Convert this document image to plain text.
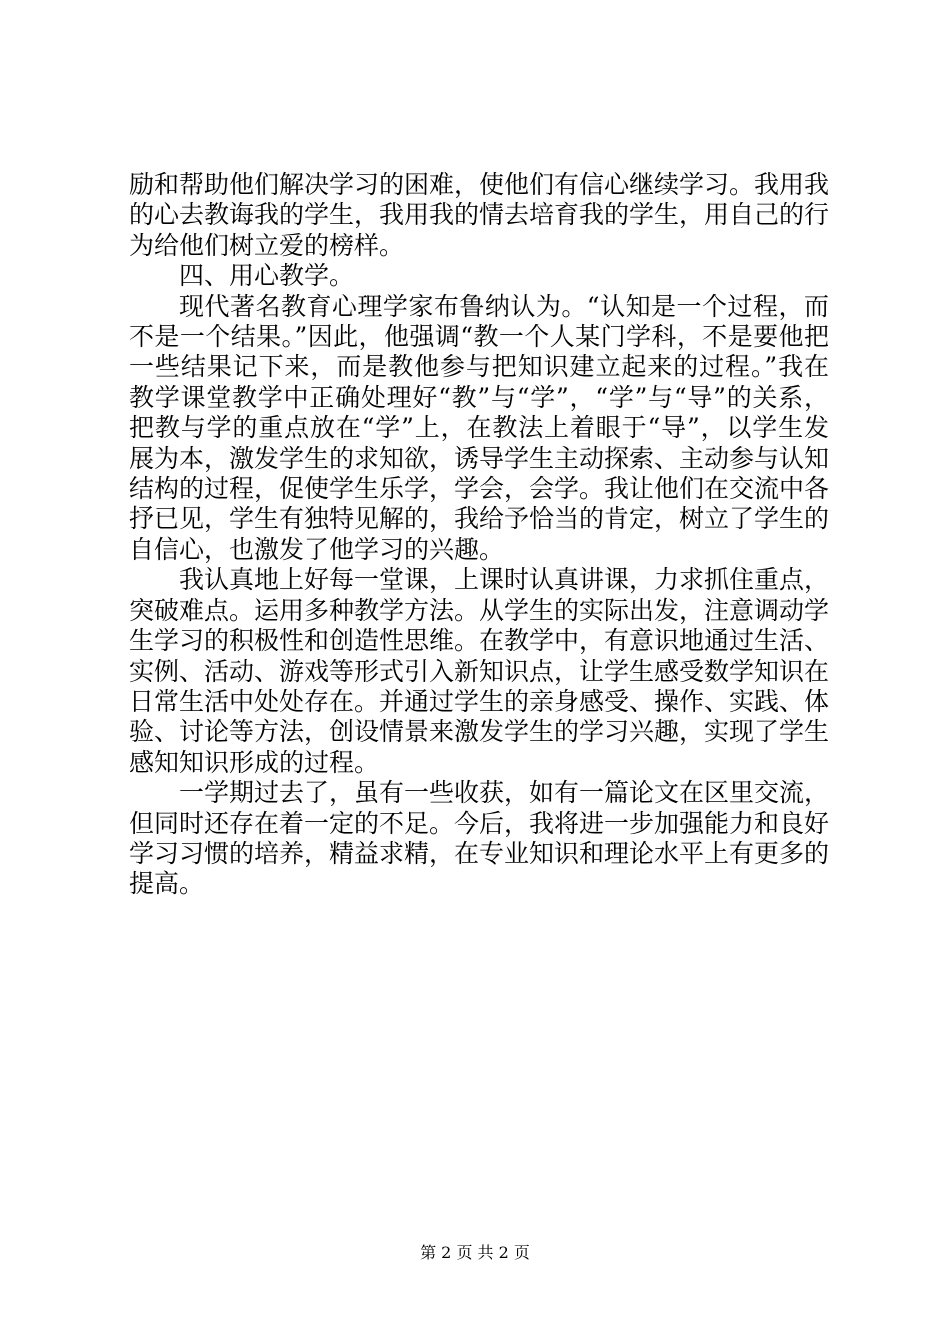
励和帮助他们解决学习的困难，使他们有信心继续学习。我用我的心去教诲我的学生，我用我的情去培育我的学生，用自己的行为给他们树立爱的榜样。

四、用心教学。

现代著名教育心理学家布鲁纳认为。“认知是一个过程，而不是一个结果。”因此，他强调“教一个人某门学科，不是要他把一些结果记下来，而是教他参与把知识建立起来的过程。”我在教学课堂教学中正确处理好“教”与“学”，“学”与“导”的关系，把教与学的重点放在“学”上，在教法上着眼于“导”，以学生发展为本，激发学生的求知欲，诱导学生主动探索、主动参与认知结构的过程，促使学生乐学，学会，会学。我让他们在交流中各抒已见，学生有独特见解的，我给予恰当的肯定，树立了学生的自信心，也激发了他学习的兴趣。

我认真地上好每一堂课，上课时认真讲课，力求抓住重点，突破难点。运用多种教学方法。从学生的实际出发，注意调动学生学习的积极性和创造性思维。在教学中，有意识地通过生活、实例、活动、游戏等形式引入新知识点，让学生感受数学知识在日常生活中处处存在。并通过学生的亲身感受、操作、实践、体验、讨论等方法，创设情景来激发学生的学习兴趣，实现了学生感知知识形成的过程。

一学期过去了，虽有一些收获，如有一篇论文在区里交流，但同时还存在着一定的不足。今后，我将进一步加强能力和良好学习习惯的培养，精益求精，在专业知识和理论水平上有更多的提高。

第 2 页 共 2 页
